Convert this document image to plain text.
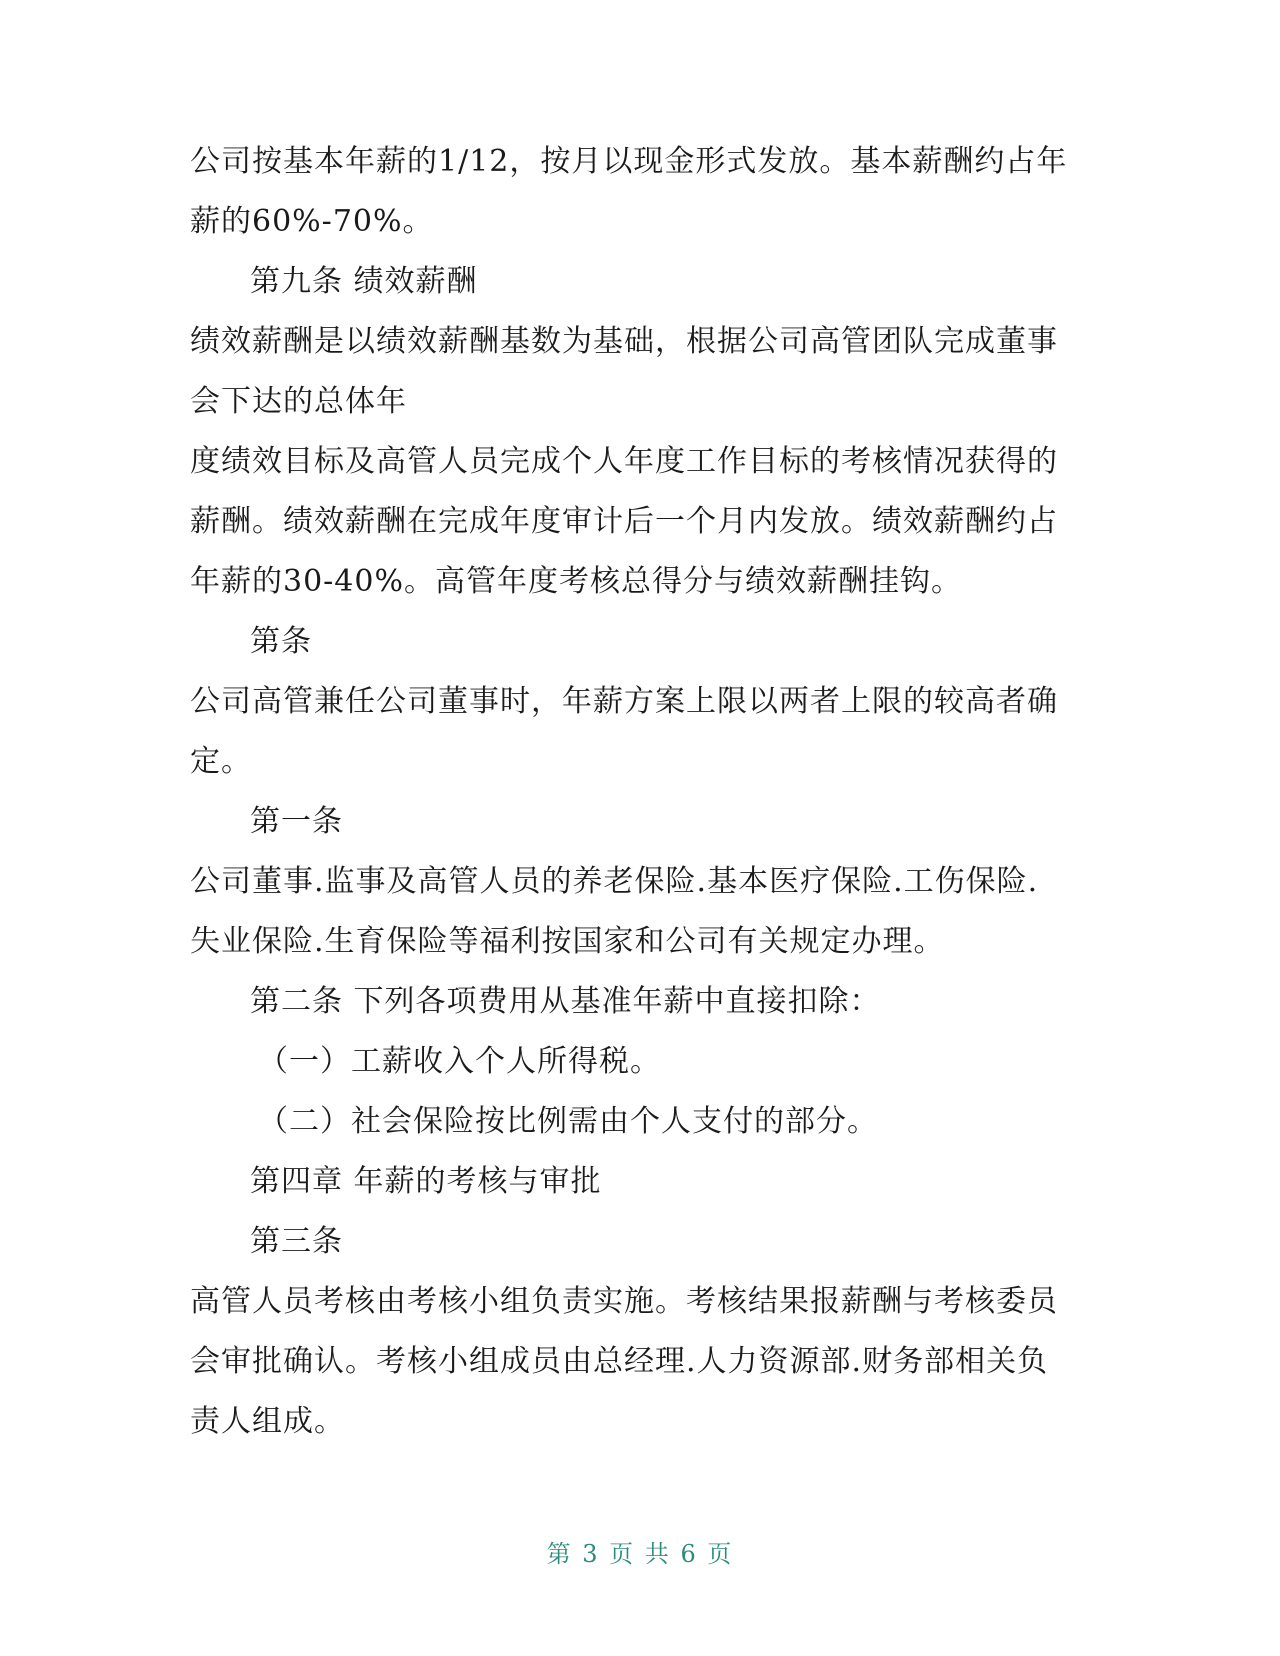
公司按基本年薪的1/12，按月以现金形式发放。基本薪酬约占年
薪的60%-70%。
第九条 绩效薪酬
绩效薪酬是以绩效薪酬基数为基础，根据公司高管团队完成董事
会下达的总体年
度绩效目标及高管人员完成个人年度工作目标的考核情况获得的
薪酬。绩效薪酬在完成年度审计后一个月内发放。绩效薪酬约占
年薪的30-40%。高管年度考核总得分与绩效薪酬挂钩。
第条
公司高管兼任公司董事时，年薪方案上限以两者上限的较高者确
定。
第一条
公司董事.监事及高管人员的养老保险.基本医疗保险.工伤保险.
失业保险.生育保险等福利按国家和公司有关规定办理。
第二条 下列各项费用从基准年薪中直接扣除：
（一）工薪收入个人所得税。
（二）社会保险按比例需由个人支付的部分。
第四章 年薪的考核与审批
第三条
高管人员考核由考核小组负责实施。考核结果报薪酬与考核委员
会审批确认。考核小组成员由总经理.人力资源部.财务部相关负
责人组成。
第 3 页 共 6 页
